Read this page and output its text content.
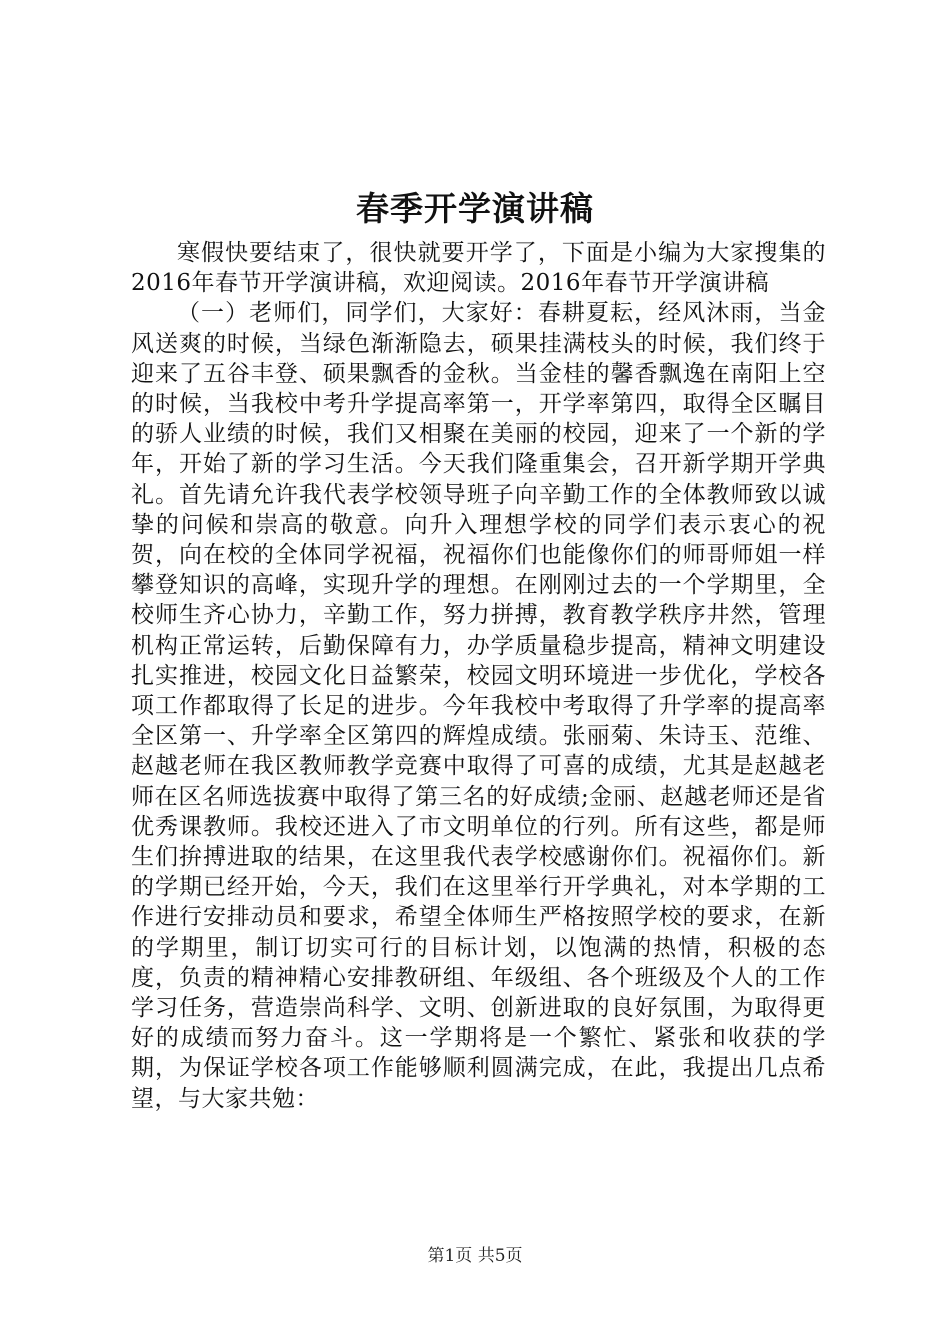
春季开学演讲稿

寒假快要结束了，很快就要开学了，下面是小编为大家搜集的2016年春节开学演讲稿，欢迎阅读。2016年春节开学演讲稿

（一）老师们，同学们，大家好：春耕夏耘，经风沐雨，当金风送爽的时候，当绿色渐渐隐去，硕果挂满枝头的时候，我们终于迎来了五谷丰登、硕果飘香的金秋。当金桂的馨香飘逸在南阳上空的时候，当我校中考升学提高率第一，开学率第四，取得全区瞩目的骄人业绩的时候，我们又相聚在美丽的校园，迎来了一个新的学年，开始了新的学习生活。今天我们隆重集会，召开新学期开学典礼。首先请允许我代表学校领导班子向辛勤工作的全体教师致以诚挚的问候和崇高的敬意。向升入理想学校的同学们表示衷心的祝贺，向在校的全体同学祝福，祝福你们也能像你们的师哥师姐一样攀登知识的高峰，实现升学的理想。在刚刚过去的一个学期里，全校师生齐心协力，辛勤工作，努力拼搏，教育教学秩序井然，管理机构正常运转，后勤保障有力，办学质量稳步提高，精神文明建设扎实推进，校园文化日益繁荣，校园文明环境进一步优化，学校各项工作都取得了长足的进步。今年我校中考取得了升学率的提高率全区第一、升学率全区第四的辉煌成绩。张丽菊、朱诗玉、范维、赵越老师在我区教师教学竞赛中取得了可喜的成绩，尤其是赵越老师在区名师选拔赛中取得了第三名的好成绩;金丽、赵越老师还是省优秀课教师。我校还进入了市文明单位的行列。所有这些，都是师生们拚搏进取的结果，在这里我代表学校感谢你们。祝福你们。新的学期已经开始，今天，我们在这里举行开学典礼，对本学期的工作进行安排动员和要求，希望全体师生严格按照学校的要求，在新的学期里，制订切实可行的目标计划，以饱满的热情，积极的态度，负责的精神精心安排教研组、年级组、各个班级及个人的工作学习任务，营造崇尚科学、文明、创新进取的良好氛围，为取得更好的成绩而努力奋斗。这一学期将是一个繁忙、紧张和收获的学期，为保证学校各项工作能够顺利圆满完成，在此，我提出几点希望，与大家共勉：

第1页 共5页
